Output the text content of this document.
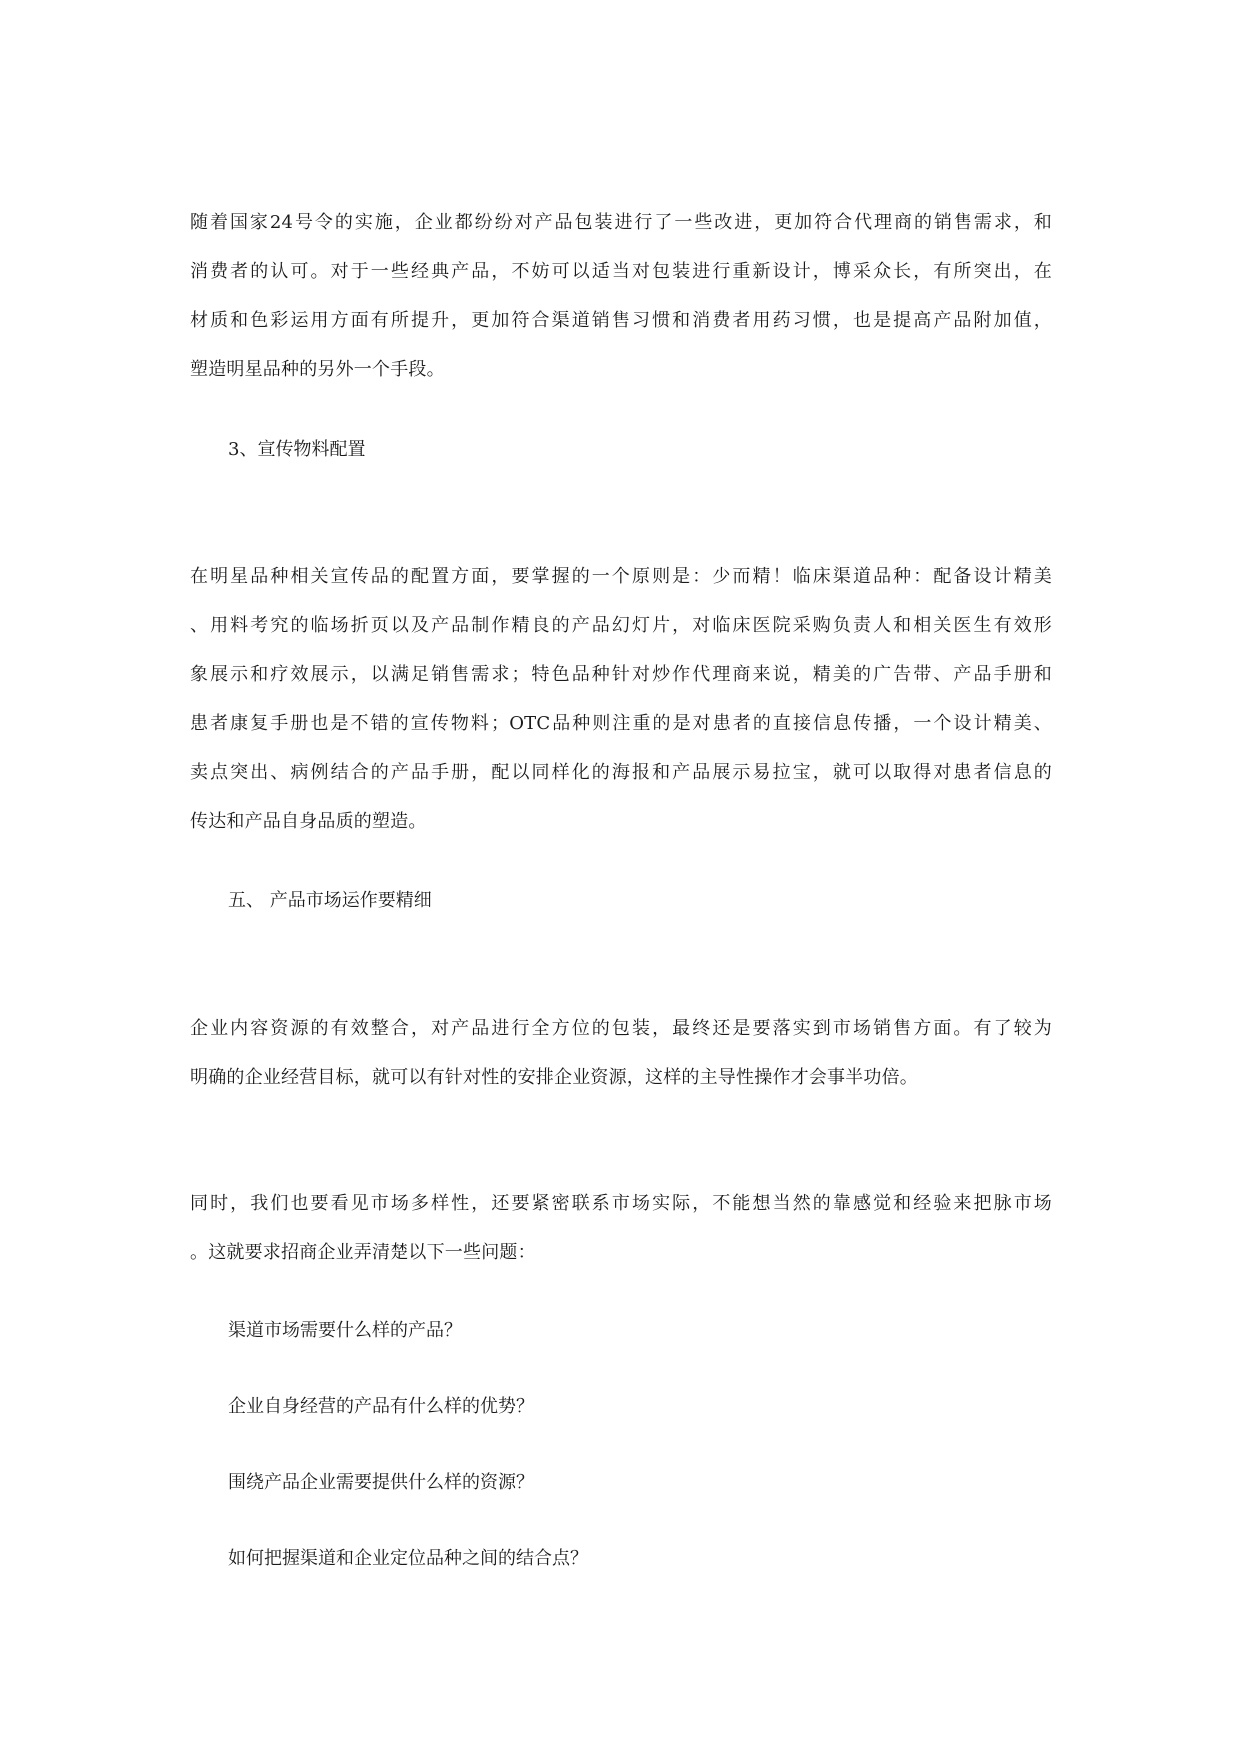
随着国家24号令的实施，企业都纷纷对产品包装进行了一些改进，更加符合代理商的销售需求，和
消费者的认可。对于一些经典产品，不妨可以适当对包装进行重新设计，博采众长，有所突出，在
材质和色彩运用方面有所提升，更加符合渠道销售习惯和消费者用药习惯，也是提高产品附加值，
塑造明星品种的另外一个手段。

3、宣传物料配置

在明星品种相关宣传品的配置方面，要掌握的一个原则是：少而精！临床渠道品种：配备设计精美
、用料考究的临场折页以及产品制作精良的产品幻灯片，对临床医院采购负责人和相关医生有效形
象展示和疗效展示，以满足销售需求；特色品种针对炒作代理商来说，精美的广告带、产品手册和
患者康复手册也是不错的宣传物料；OTC品种则注重的是对患者的直接信息传播，一个设计精美、
卖点突出、病例结合的产品手册，配以同样化的海报和产品展示易拉宝，就可以取得对患者信息的
传达和产品自身品质的塑造。

五、 产品市场运作要精细

企业内容资源的有效整合，对产品进行全方位的包装，最终还是要落实到市场销售方面。有了较为
明确的企业经营目标，就可以有针对性的安排企业资源，这样的主导性操作才会事半功倍。
同时，我们也要看见市场多样性，还要紧密联系市场实际，不能想当然的靠感觉和经验来把脉市场
。这就要求招商企业弄清楚以下一些问题：

渠道市场需要什么样的产品？

企业自身经营的产品有什么样的优势？

围绕产品企业需要提供什么样的资源？

如何把握渠道和企业定位品种之间的结合点？
